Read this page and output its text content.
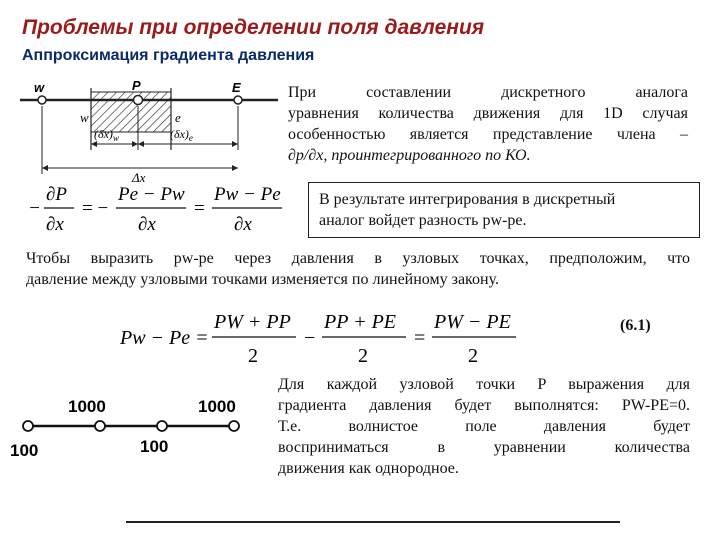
Проблемы при определении поля давления
Аппроксимация градиента давления
w	P	E
w	e
$(\delta x)_w$	$(\delta x)_e$
Δx
При составлении дискретного аналога
уравнения количества движения для 1D случая
особенностью является представление члена –
∂p/∂x, проинтегрированного по КО.
−
∂P
∂x
= −
Pe − Pw
∂x
=
Pw − Pe
∂x
В результате интегрирования в дискретный
аналог войдет разность pw-pe.
Чтобы выразить pw-pe через давления в узловых точках, предположим, что
давление между узловыми точками изменяется по линейному закону.
Pw − Pe =
PW + PP
2
−
PP + PE
2
=
PW − PE
2
(6.1)
100
1000
100
1000
Для каждой узловой точки P выражения для
градиента давления будет выполнятся: PW-PE=0.
Т.е. волнистое поле давления будет
восприниматься в уравнении количества
движения как однородное.
